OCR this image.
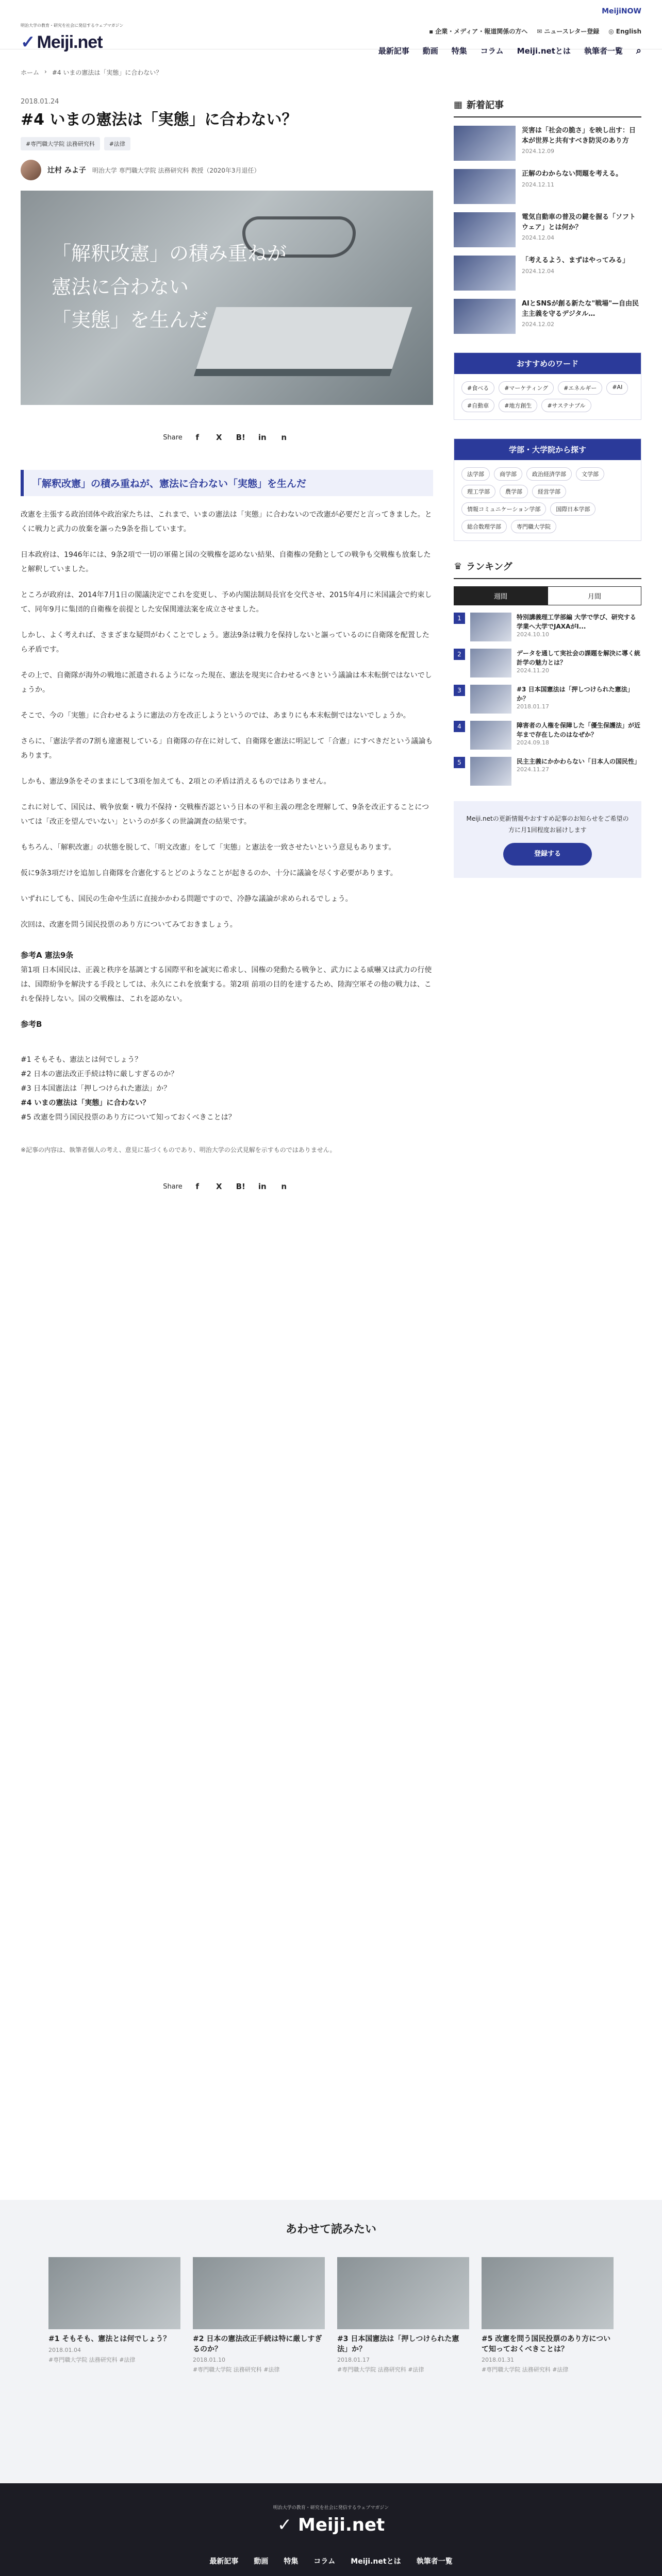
MeijiNOW
明治大学の教育・研究を社会に発信するウェブマガジン
✓ Meiji.net
▪ 企業・メディア・報道関係の方へ ✉ ニュースレター登録 ◎ English
最新記事 動画 特集 コラム Meiji.netとは 執筆者一覧 ⌕
ホーム › #4 いまの憲法は「実態」に合わない？
2018.01.24
#4 いまの憲法は「実態」に合わない？
#専門職大学院 法務研究科	#法律
辻村 みよ子 明治大学 専門職大学院 法務研究科 教授（2020年3月退任）
「解釈改憲」の積み重ねが
憲法に合わない
「実態」を生んだ
Share	f	X	B!	in	n
「解釈改憲」の積み重ねが、憲法に合わない「実態」を生んだ

改憲を主張する政治団体や政治家たちは、これまで、いまの憲法は「実態」に合わないので改憲が必要だと言ってきました。とくに戦力と武力の放棄を謳った9条を指しています。

日本政府は、1946年には、9条2項で一切の軍備と国の交戦権を認めない結果、自衛権の発動としての戦争も交戦権も放棄したと解釈していました。

ところが政府は、2014年7月1日の閣議決定でこれを変更し、予め内閣法制局長官を交代させ、2015年4月に米国議会で約束して、同年9月に集団的自衛権を前提とした安保関連法案を成立させました。

しかし、よく考えれば、さまざまな疑問がわくことでしょう。憲法9条は戦力を保持しないと謳っているのに自衛隊を配置したら矛盾です。

その上で、自衛隊が海外の戦地に派遣されるようになった現在、憲法を現実に合わせるべきという議論は本末転倒ではないでしょうか。

そこで、今の「実態」に合わせるように憲法の方を改正しようというのでは、あまりにも本末転倒ではないでしょうか。

さらに、「憲法学者の7割も違憲視している」自衛隊の存在に対して、自衛隊を憲法に明記して「合憲」にすべきだという議論もあります。

しかも、憲法9条をそのままにして3項を加えても、2項との矛盾は消えるものではありません。

これに対して、国民は、戦争放棄・戦力不保持・交戦権否認という日本の平和主義の理念を理解して、9条を改正することについては「改正を望んでいない」というのが多くの世論調査の結果です。

もちろん、「解釈改憲」の状態を脱して、「明文改憲」をして「実態」と憲法を一致させたいという意見もあります。

仮に9条3項だけを追加し自衛隊を合憲化するとどのようなことが起きるのか、十分に議論を尽くす必要があります。

いずれにしても、国民の生命や生活に直接かかわる問題ですので、冷静な議論が求められるでしょう。

次回は、改憲を問う国民投票のあり方についてみておきましょう。

参考A 憲法9条
第1項 日本国民は、正義と秩序を基調とする国際平和を誠実に希求し、国権の発動たる戦争と、武力による威嚇又は武力の行使は、国際紛争を解決する手段としては、永久にこれを放棄する。第2項 前項の目的を達するため、陸海空軍その他の戦力は、これを保持しない。国の交戦権は、これを認めない。
参考B
#1 そもそも、憲法とは何でしょう？
#2 日本の憲法改正手続は特に厳しすぎるのか？
#3 日本国憲法は「押しつけられた憲法」か？
#4 いまの憲法は「実態」に合わない？
#5 改憲を問う国民投票のあり方について知っておくべきことは？
※記事の内容は、執筆者個人の考え、意見に基づくものであり、明治大学の公式見解を示すものではありません。
Share	f	X	B!	in	n
▦ 新着記事
災害は「社会の脆さ」を映し出す：日本が世界と共有すべき防災のあり方
2024.12.09
正解のわからない問題を考える。
2024.12.11
電気自動車の普及の鍵を握る「ソフトウェア」とは何か？
2024.12.04
「考えるよう、まずはやってみる」
2024.12.04
AIとSNSが創る新たな"戦場"—自由民主主義を守るデジタル…
2024.12.02
おすすめのワード
#食べる	#マーケティング	#エネルギー	#AI
#自動車	#地方創生	#サステナブル
学部・大学院から探す
法学部	商学部	政治経済学部	文学部
理工学部	農学部	経営学部
情報コミュニケーション学部	国際日本学部
総合数理学部	専門職大学院
♛ ランキング
週間	月間
1	特別講義理工学部編 大学で学び、研究する学業へ大学でJAXAがI...
2024.10.10
2	データを通して実社会の課題を解決に導く統計学の魅力とは？
2024.11.20
3	#3 日本国憲法は「押しつけられた憲法」か？
2018.01.17
4	障害者の人権を保障した「優生保護法」が近年まで存在したのはなぜか？
2024.09.18
5	民主主義にかかわらない「日本人の国民性」
2024.11.27
Meiji.netの更新情報やおすすめ記事のお知らせをご希望の方に月1回程度お届けします
登録する
あわせて読みたい
#1 そもそも、憲法とは何でしょう？
2018.01.04
#専門職大学院 法務研究科 #法律
#2 日本の憲法改正手続は特に厳しすぎるのか？
2018.01.10
#専門職大学院 法務研究科 #法律
#3 日本国憲法は「押しつけられた憲法」か？
2018.01.17
#専門職大学院 法務研究科 #法律
#5 改憲を問う国民投票のあり方について知っておくべきことは？
2018.01.31
#専門職大学院 法務研究科 #法律
明治大学の教育・研究を社会に発信するウェブマガジン
✓ Meiji.net
最新記事 動画 特集 コラム Meiji.netとは 執筆者一覧
